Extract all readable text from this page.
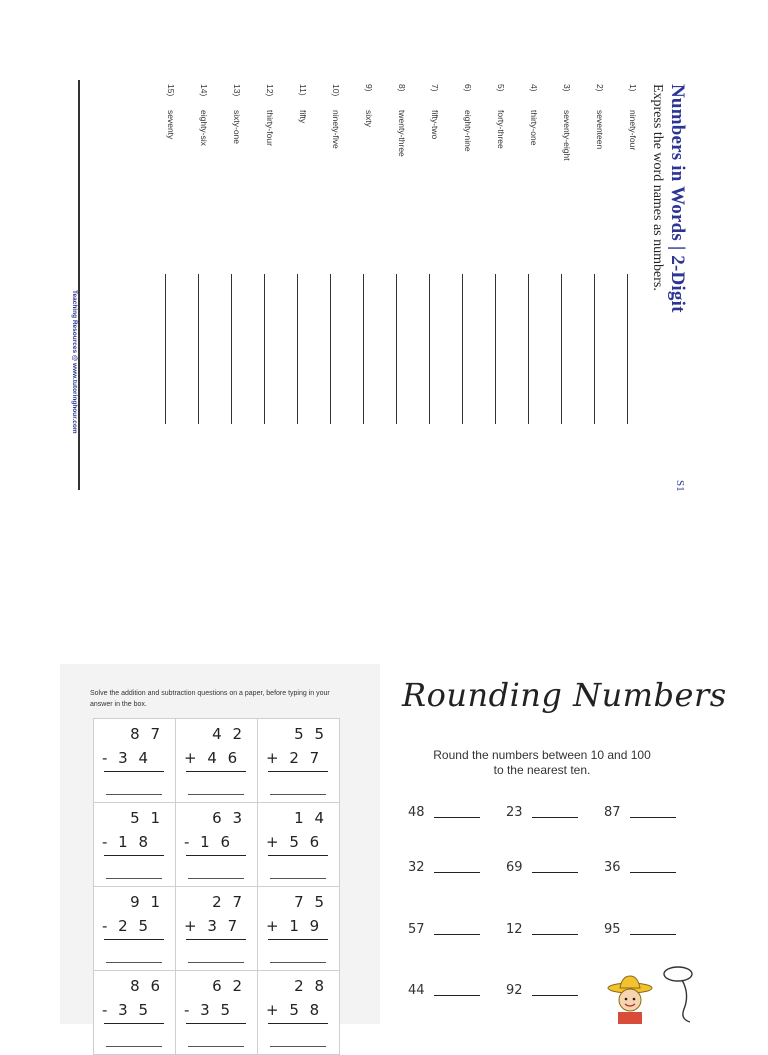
Numbers in Words | 2-Digit
Express the word names as numbers.
S1
1)
ninety-four
2)
seventeen
3)
seventy-eight
4)
thirty-one
5)
forty-three
6)
eighty-nine
7)
fifty-two
8)
twenty-three
9)
sixty
10)
ninety-five
11)
fifty
12)
thirty-four
13)
sixty-one
14)
eighty-six
15)
seventy
Teaching Resources @ www.tutoringhour.com
Solve the addition and subtraction questions on a paper, before typing in your answer in the box.
8 7
- 3 4
4 2
+ 4 6
5 5
+ 2 7
5 1
- 1 8
6 3
- 1 6
1 4
+ 5 6
9 1
- 2 5
2 7
+ 3 7
7 5
+ 1 9
8 6
- 3 5
6 2
- 3 5
2 8
+ 5 8
Rounding Numbers
Round the numbers between 10 and 100
to the nearest ten.
48	23	87
32	69	36
57	12	95
44	92
